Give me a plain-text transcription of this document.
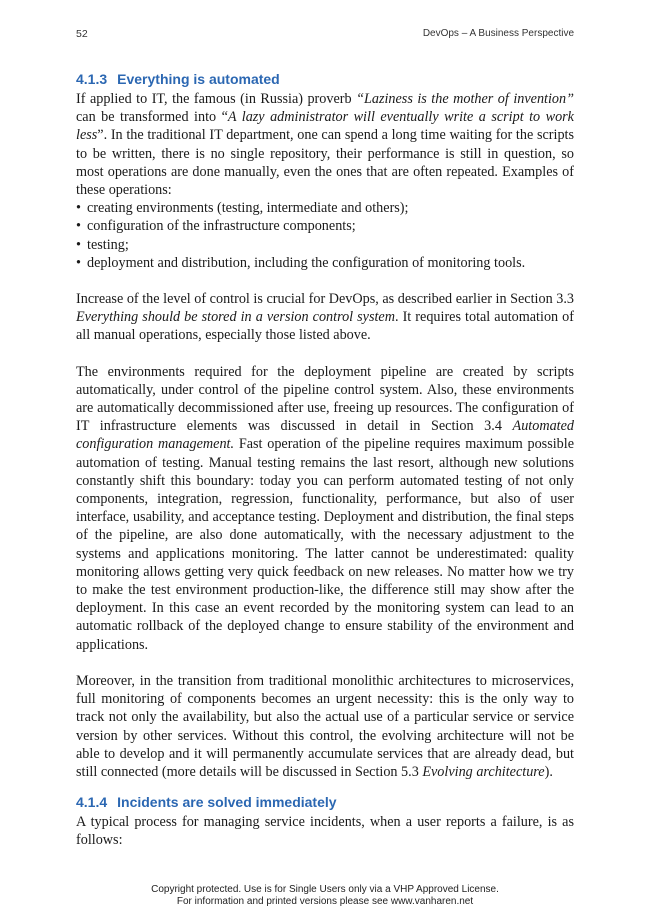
52	DevOps – A Business Perspective
4.1.3 Everything is automated

If applied to IT, the famous (in Russia) proverb “Laziness is the mother of invention” can be transformed into “A lazy administrator will eventually write a script to work less”. In the traditional IT department, one can spend a long time waiting for the scripts to be written, there is no single repository, their performance is still in question, so most operations are done manually, even the ones that are often repeated. Examples of these operations:

• creating environments (testing, intermediate and others);
• configuration of the infrastructure components;
• testing;
• deployment and distribution, including the configuration of monitoring tools.

Increase of the level of control is crucial for DevOps, as described earlier in Section 3.3 Everything should be stored in a version control system. It requires total automation of all manual operations, especially those listed above.

The environments required for the deployment pipeline are created by scripts automatically, under control of the pipeline control system. Also, these environments are automatically decommissioned after use, freeing up resources. The configuration of IT infrastructure elements was discussed in detail in Section 3.4 Automated configuration management. Fast operation of the pipeline requires maximum possible automation of testing. Manual testing remains the last resort, although new solutions constantly shift this boundary: today you can perform automated testing of not only components, integration, regression, functionality, performance, but also of user interface, usability, and acceptance testing. Deployment and distribution, the final steps of the pipeline, are also done automatically, with the necessary adjustment to the systems and applications monitoring. The latter cannot be underestimated: quality monitoring allows getting very quick feedback on new releases. No matter how we try to make the test environment production-like, the difference still may show after the deployment. In this case an event recorded by the monitoring system can lead to an automatic rollback of the deployed change to ensure stability of the environment and applications.

Moreover, in the transition from traditional monolithic architectures to microservices, full monitoring of components becomes an urgent necessity: this is the only way to track not only the availability, but also the actual use of a particular service or service version by other services. Without this control, the evolving architecture will not be able to develop and it will permanently accumulate services that are already dead, but still connected (more details will be discussed in Section 5.3 Evolving architecture).

4.1.4 Incidents are solved immediately

A typical process for managing service incidents, when a user reports a failure, is as follows:

Copyright protected. Use is for Single Users only via a VHP Approved License.
For information and printed versions please see www.vanharen.net
